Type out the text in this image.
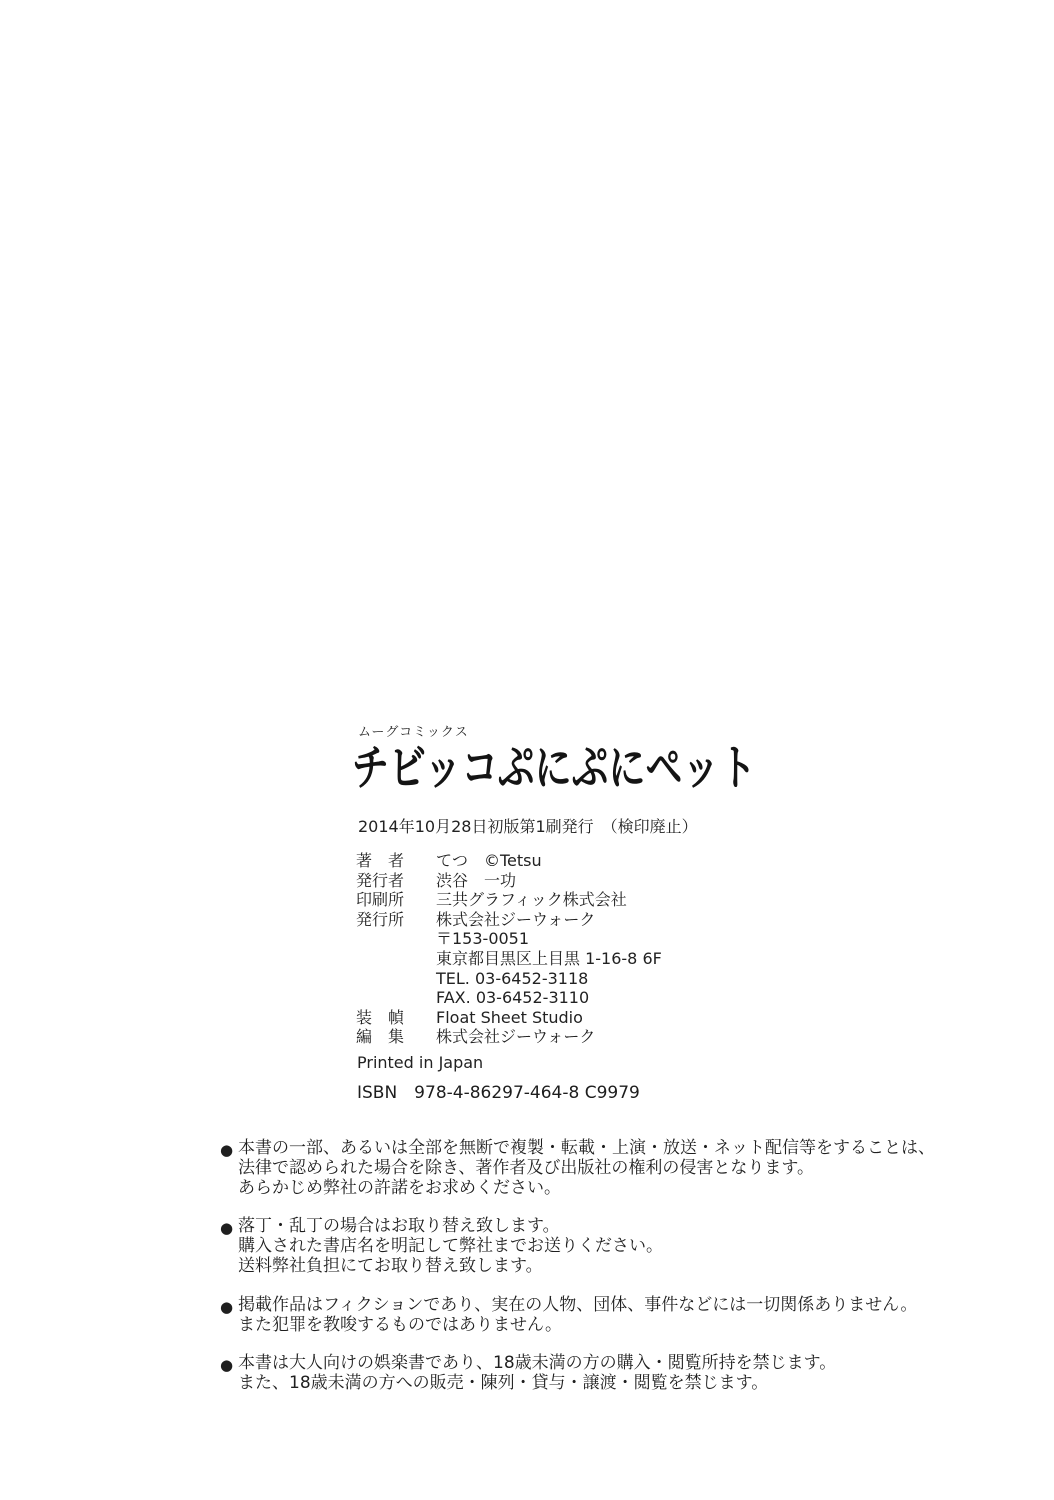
ムーグコミックス
チビッコぷにぷにペット
2014年10月28日初版第1刷発行　（検印廃止）
著　者	てつ　©Tetsu
発行者	渋谷　一功
印刷所	三共グラフィック株式会社
発行所	株式会社ジーウォーク
〒153-0051
東京都目黒区上目黒 1-16-8 6F
TEL. 03-6452-3118
FAX. 03-6452-3110
装　幀	Float Sheet Studio
編　集	株式会社ジーウォーク
Printed in Japan
ISBN　978-4-86297-464-8 C9979
● 本書の一部、あるいは全部を無断で複製・転載・上演・放送・ネット配信等をすることは、
法律で認められた場合を除き、著作者及び出版社の権利の侵害となります。
あらかじめ弊社の許諾をお求めください。
● 落丁・乱丁の場合はお取り替え致します。
購入された書店名を明記して弊社までお送りください。
送料弊社負担にてお取り替え致します。
● 掲載作品はフィクションであり、実在の人物、団体、事件などには一切関係ありません。
また犯罪を教唆するものではありません。
● 本書は大人向けの娯楽書であり、18歳未満の方の購入・閲覧所持を禁じます。
また、18歳未満の方への販売・陳列・貸与・譲渡・閲覧を禁じます。
